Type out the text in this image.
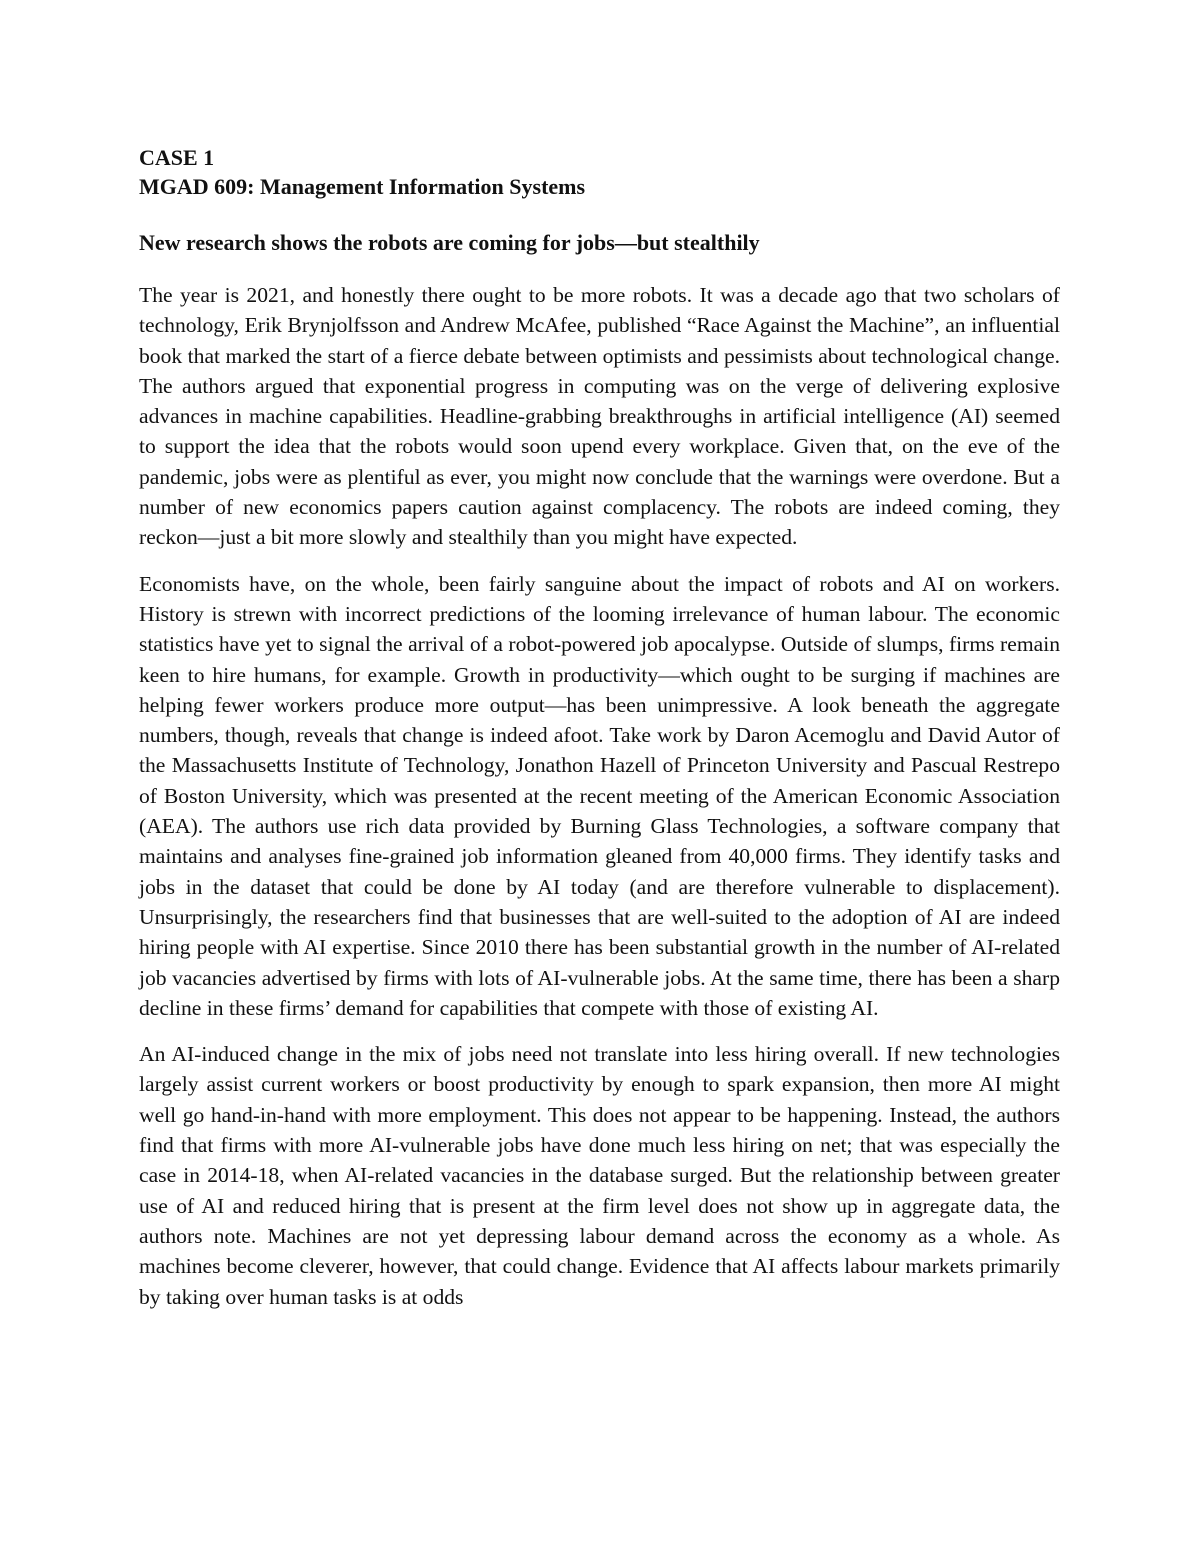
CASE 1

MGAD 609: Management Information Systems

New research shows the robots are coming for jobs—but stealthily

The year is 2021, and honestly there ought to be more robots. It was a decade ago that two scholars of technology, Erik Brynjolfsson and Andrew McAfee, published “Race Against the Machine”, an influential book that marked the start of a fierce debate between optimists and pessimists about technological change. The authors argued that exponential progress in computing was on the verge of delivering explosive advances in machine capabilities. Headline-grabbing breakthroughs in artificial intelligence (AI) seemed to support the idea that the robots would soon upend every workplace. Given that, on the eve of the pandemic, jobs were as plentiful as ever, you might now conclude that the warnings were overdone. But a number of new economics papers caution against complacency. The robots are indeed coming, they reckon—just a bit more slowly and stealthily than you might have expected.

Economists have, on the whole, been fairly sanguine about the impact of robots and AI on workers. History is strewn with incorrect predictions of the looming irrelevance of human labour. The economic statistics have yet to signal the arrival of a robot-powered job apocalypse. Outside of slumps, firms remain keen to hire humans, for example. Growth in productivity—which ought to be surging if machines are helping fewer workers produce more output—has been unimpressive. A look beneath the aggregate numbers, though, reveals that change is indeed afoot. Take work by Daron Acemoglu and David Autor of the Massachusetts Institute of Technology, Jonathon Hazell of Princeton University and Pascual Restrepo of Boston University, which was presented at the recent meeting of the American Economic Association (AEA). The authors use rich data provided by Burning Glass Technologies, a software company that maintains and analyses fine-grained job information gleaned from 40,000 firms. They identify tasks and jobs in the dataset that could be done by AI today (and are therefore vulnerable to displacement). Unsurprisingly, the researchers find that businesses that are well-suited to the adoption of AI are indeed hiring people with AI expertise. Since 2010 there has been substantial growth in the number of AI-related job vacancies advertised by firms with lots of AI-vulnerable jobs. At the same time, there has been a sharp decline in these firms’ demand for capabilities that compete with those of existing AI.

An AI-induced change in the mix of jobs need not translate into less hiring overall. If new technologies largely assist current workers or boost productivity by enough to spark expansion, then more AI might well go hand-in-hand with more employment. This does not appear to be happening. Instead, the authors find that firms with more AI-vulnerable jobs have done much less hiring on net; that was especially the case in 2014-18, when AI-related vacancies in the database surged. But the relationship between greater use of AI and reduced hiring that is present at the firm level does not show up in aggregate data, the authors note. Machines are not yet depressing labour demand across the economy as a whole. As machines become cleverer, however, that could change. Evidence that AI affects labour markets primarily by taking over human tasks is at odds
